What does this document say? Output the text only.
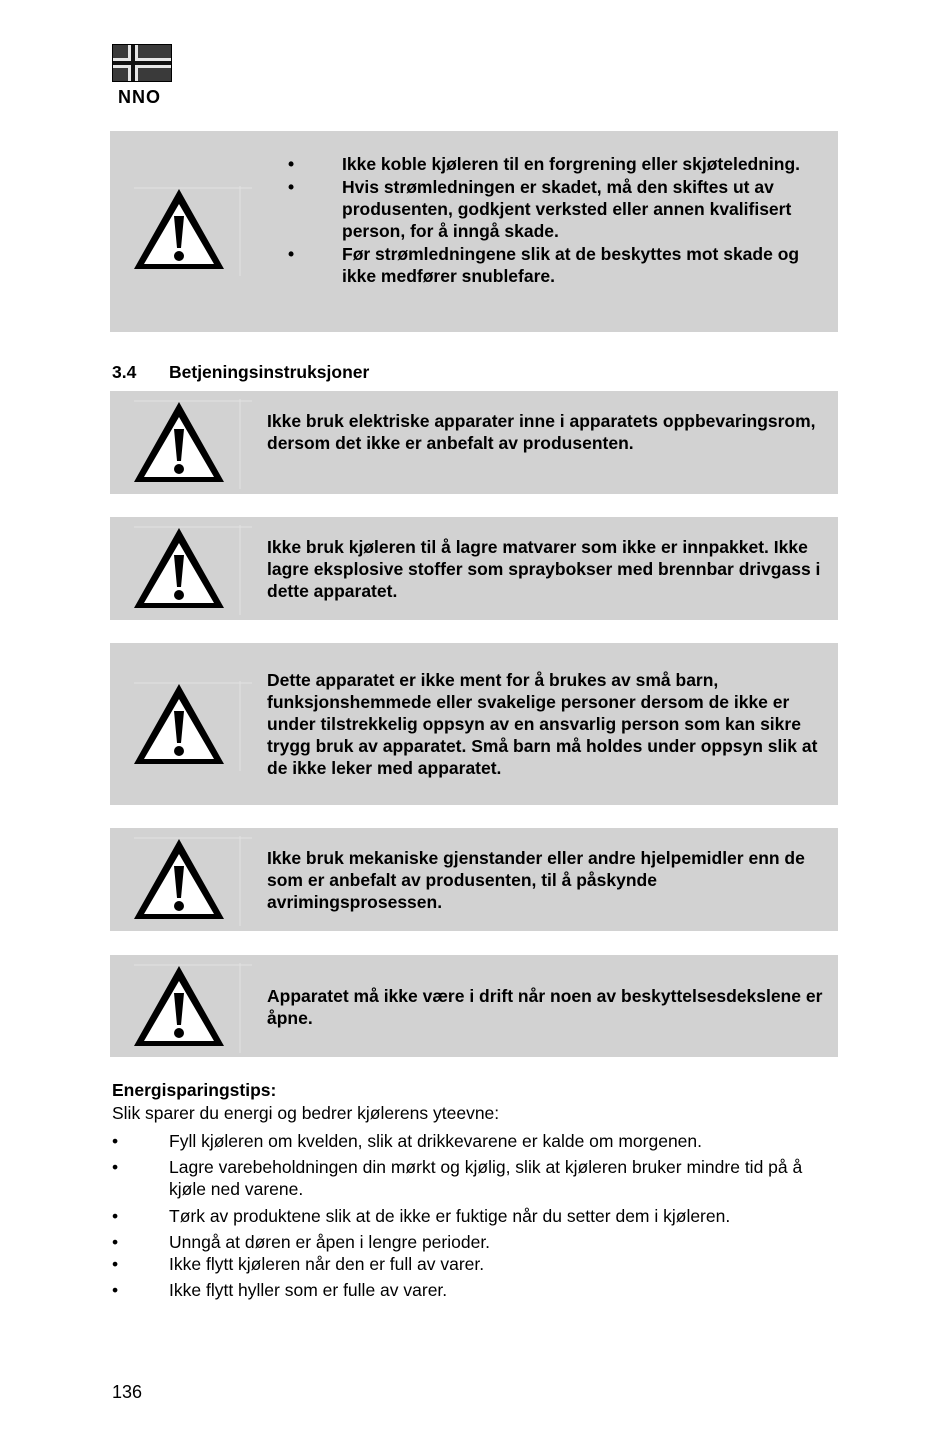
NNO
•	Ikke koble kjøleren til en forgrening eller skjøteledning.
•	Hvis strømledningen er skadet, må den skiftes ut av produsenten, godkjent verksted eller annen kvalifisert person, for å inngå skade.
•	Før strømledningene slik at de beskyttes mot skade og ikke medfører snublefare.
3.4 Betjeningsinstruksjoner
Ikke bruk elektriske apparater inne i apparatets oppbevaringsrom, dersom det ikke er anbefalt av produsenten.
Ikke bruk kjøleren til å lagre matvarer som ikke er innpakket. Ikke lagre eksplosive stoffer som spraybokser med brennbar drivgass i dette apparatet.
Dette apparatet er ikke ment for å brukes av små barn, funksjonshemmede eller svakelige personer dersom de ikke er under tilstrekkelig oppsyn av en ansvarlig person som kan sikre trygg bruk av apparatet. Små barn må holdes under oppsyn slik at de ikke leker med apparatet.
Ikke bruk mekaniske gjenstander eller andre hjelpemidler enn de som er anbefalt av produsenten, til å påskynde avrimingsprosessen.
Apparatet må ikke være i drift når noen av beskyttelsesdekslene er åpne.
Energisparingstips:
Slik sparer du energi og bedrer kjølerens yteevne:
•	Fyll kjøleren om kvelden, slik at drikkevarene er kalde om morgenen.
•	Lagre varebeholdningen din mørkt og kjølig, slik at kjøleren bruker mindre tid på å kjøle ned varene.
•	Tørk av produktene slik at de ikke er fuktige når du setter dem i kjøleren.
•	Unngå at døren er åpen i lengre perioder.
•	Ikke flytt kjøleren når den er full av varer.
•	Ikke flytt hyller som er fulle av varer.
136
